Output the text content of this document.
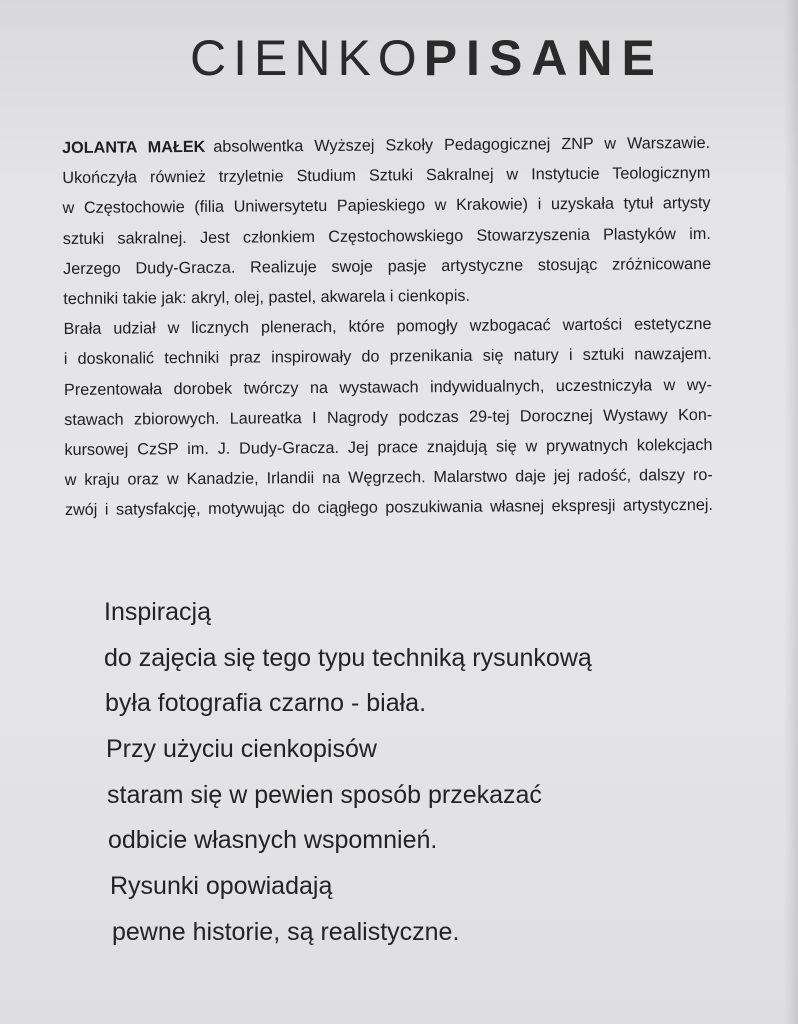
CIENKOPISANE
JOLANTA MAŁEK absolwentka Wyższej Szkoły Pedagogicznej ZNP w Warszawie.
Ukończyła również trzyletnie Studium Sztuki Sakralnej w Instytucie Teologicznym
w Częstochowie (filia Uniwersytetu Papieskiego w Krakowie) i uzyskała tytuł artysty
sztuki sakralnej. Jest członkiem Częstochowskiego Stowarzyszenia Plastyków im.
Jerzego Dudy-Gracza. Realizuje swoje pasje artystyczne stosując zróżnicowane
techniki takie jak: akryl, olej, pastel, akwarela i cienkopis.
Brała udział w licznych plenerach, które pomogły wzbogacać wartości estetyczne
i doskonalić techniki praz inspirowały do przenikania się natury i sztuki nawzajem.
Prezentowała dorobek twórczy na wystawach indywidualnych, uczestniczyła w wy-
stawach zbiorowych. Laureatka I Nagrody podczas 29-tej Dorocznej Wystawy Kon-
kursowej CzSP im. J. Dudy-Gracza. Jej prace znajdują się w prywatnych kolekcjach
w kraju oraz w Kanadzie, Irlandii na Węgrzech. Malarstwo daje jej radość, dalszy ro-
zwój i satysfakcję, motywując do ciągłego poszukiwania własnej ekspresji artystycznej.
Inspiracją
do zajęcia się tego typu techniką rysunkową
była fotografia czarno - biała.
Przy użyciu cienkopisów
staram się w pewien sposób przekazać
odbicie własnych wspomnień.
Rysunki opowiadają
pewne historie, są realistyczne.
